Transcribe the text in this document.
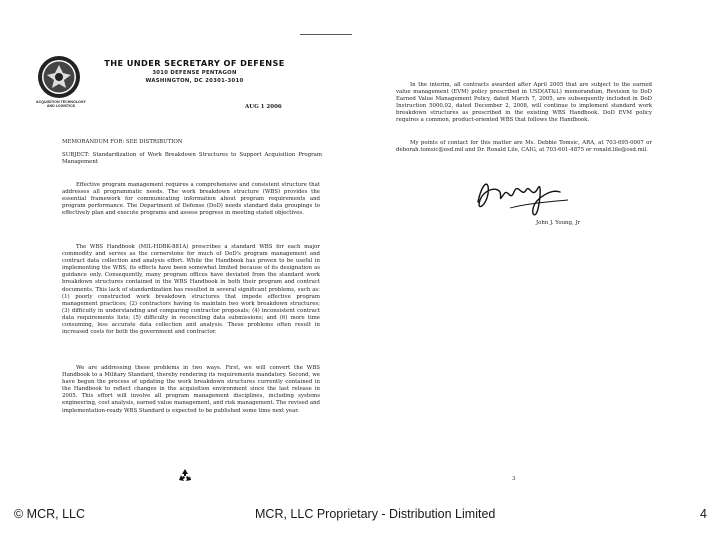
ACQUISITION TECHNOLOGY AND LOGISTICS
THE UNDER SECRETARY OF DEFENSE
3010 DEFENSE PENTAGON
WASHINGTON, DC 20301-3010
AUG 1 2006
MEMORANDUM FOR: SEE DISTRIBUTION
SUBJECT: Standardization of Work Breakdown Structures to Support Acquisition Program Management
Effective program management requires a comprehensive and consistent structure that addresses all programmatic needs. The work breakdown structure (WBS) provides the essential framework for communicating information about program requirements and program performance. The Department of Defense (DoD) needs standard data groupings to effectively plan and execute programs and assess progress in meeting stated objectives.
The WBS Handbook (MIL-HDBK-881A) prescribes a standard WBS for each major commodity and serves as the cornerstone for much of DoD's program management and contract data collection and analysis effort. While the Handbook has proven to be useful in implementing the WBS, its effects have been somewhat limited because of its designation as guidance only. Consequently, many program offices have deviated from the standard work breakdown structures contained in the WBS Handbook in both their program and contract documents. This lack of standardization has resulted in several significant problems, such as: (1) poorly constructed work breakdown structures that impede effective program management practices; (2) contractors having to maintain two work breakdown structures; (3) difficulty in understanding and comparing contractor proposals; (4) inconsistent contract data requirements lists; (5) difficulty in reconciling data submissions; and (6) more time consuming, less accurate data collection and analysis. These problems often result in increased costs for both the government and contractor.
We are addressing these problems in two ways. First, we will convert the WBS Handbook to a Military Standard, thereby rendering its requirements mandatory. Second, we have begun the process of updating the work breakdown structures currently contained in the Handbook to reflect changes in the acquisition environment since the last release in 2005. This effort will involve all program management disciplines, including systems engineering, cost analysis, earned value management, and risk management. The revised and implementation-ready WBS Standard is expected to be published some time next year.
In the interim, all contracts awarded after April 2005 that are subject to the earned value management (EVM) policy prescribed in USD(AT&L) memorandum, Revision to DoD Earned Value Management Policy, dated March 7, 2005, are subsequently included in DoD Instruction 5000.02, dated December 2, 2008, will continue to implement standard work breakdown structures as prescribed in the existing WBS Handbook. DoD EVM policy requires a common, product-oriented WBS that follows the Handbook.
My points of contact for this matter are Ms. Debbie Tomsic, ARA, at 703-695-0007 or deborah.tomsic@osd.mil and Dr. Ronald Lile, CAIG, at 703-601-4875 or ronald.lile@osd.mil.
John J. Young, Jr
3
© MCR, LLC	MCR, LLC Proprietary - Distribution Limited	4
